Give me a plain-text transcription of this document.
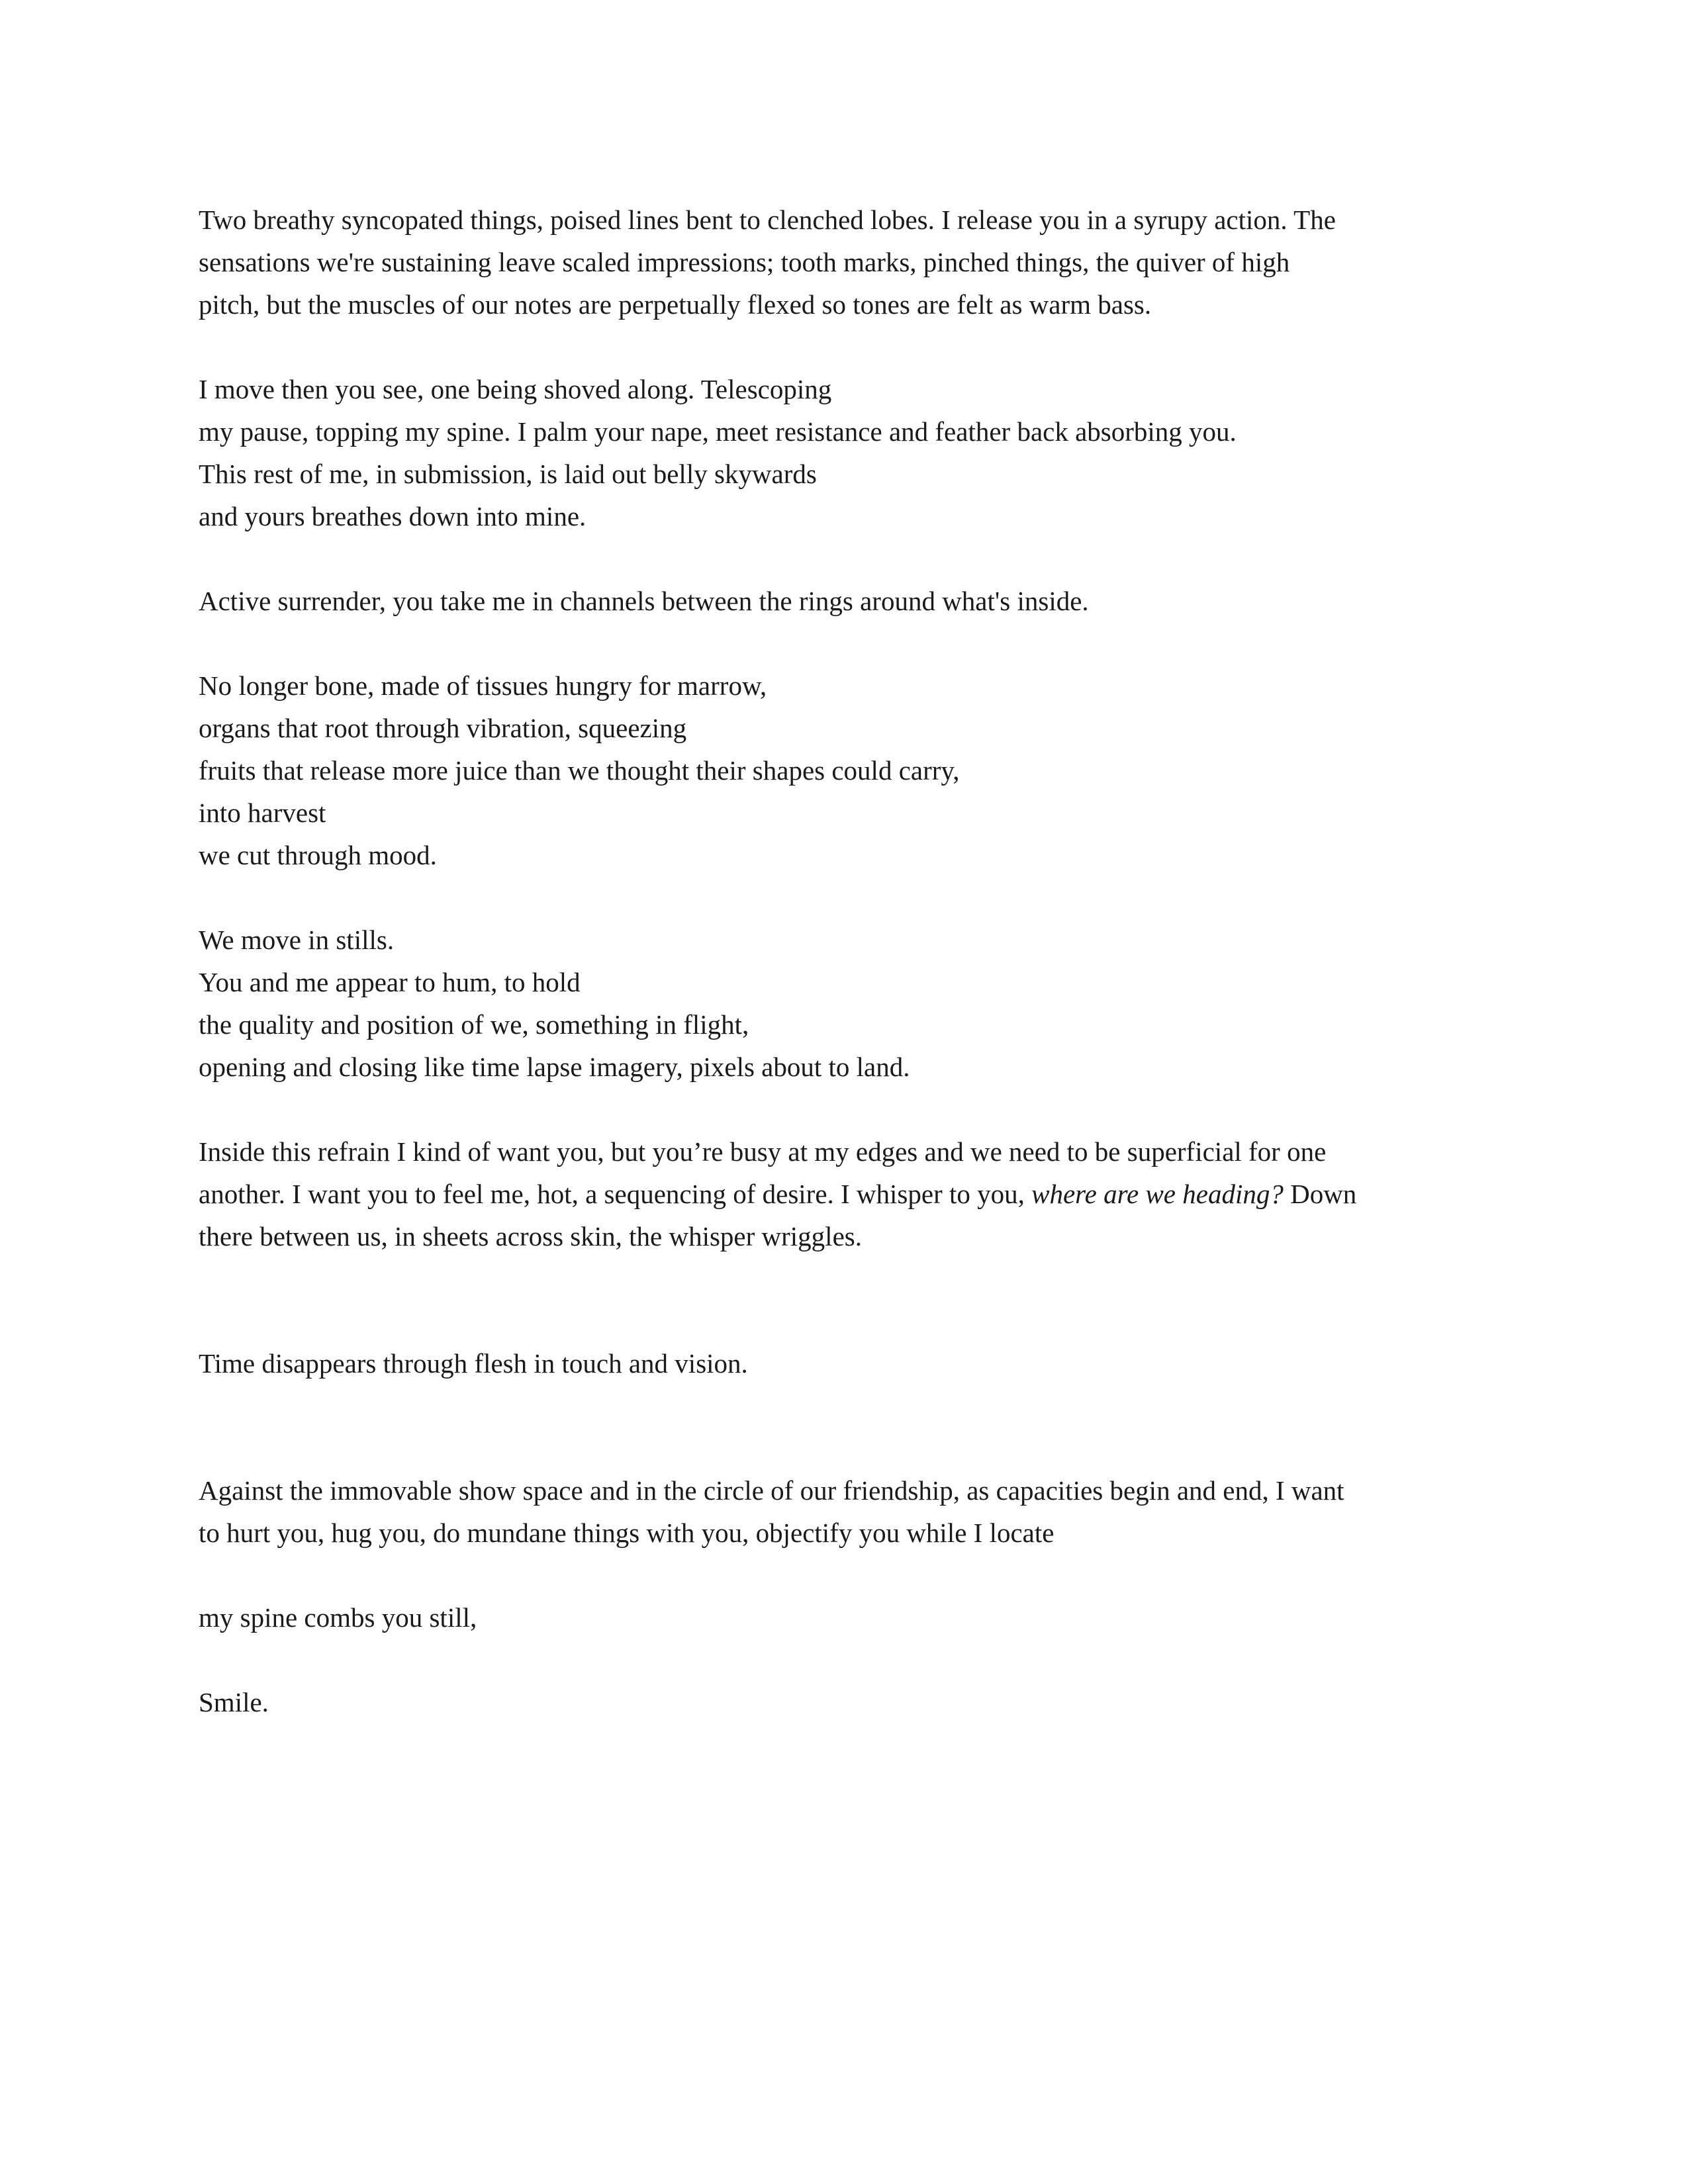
Two breathy syncopated things, poised lines bent to clenched lobes. I release you in a syrupy action. The
sensations we're sustaining leave scaled impressions; tooth marks, pinched things, the quiver of high
pitch, but the muscles of our notes are perpetually flexed so tones are felt as warm bass.

I move then you see, one being shoved along. Telescoping
my pause, topping my spine. I palm your nape, meet resistance and feather back absorbing you.
This rest of me, in submission, is laid out belly skywards
and yours breathes down into mine.

Active surrender, you take me in channels between the rings around what's inside.

No longer bone, made of tissues hungry for marrow,
organs that root through vibration, squeezing
fruits that release more juice than we thought their shapes could carry,
into harvest
we cut through mood.

We move in stills.
You and me appear to hum, to hold
the quality and position of we, something in flight,
opening and closing like time lapse imagery, pixels about to land.

Inside this refrain I kind of want you, but you’re busy at my edges and we need to be superficial for one
another. I want you to feel me, hot, a sequencing of desire. I whisper to you, where are we heading? Down
there between us, in sheets across skin, the whisper wriggles.

Time disappears through flesh in touch and vision.

Against the immovable show space and in the circle of our friendship, as capacities begin and end, I want
to hurt you, hug you, do mundane things with you, objectify you while I locate

my spine combs you still,

Smile.
